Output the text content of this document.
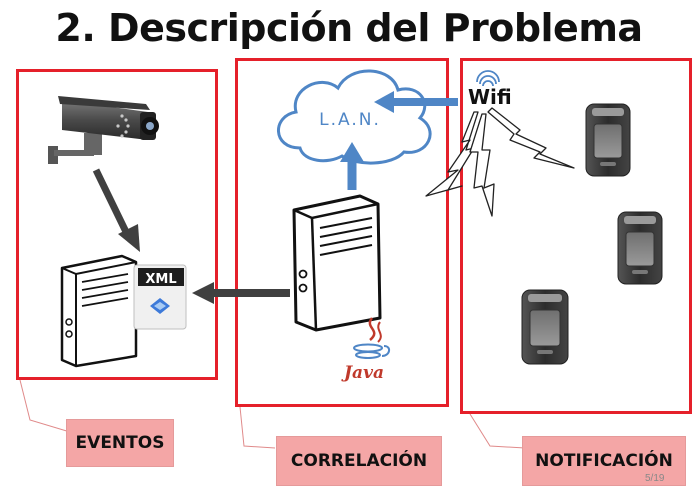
2. Descripción del Problema
XML
L.A.N.
Java
Wifi
EVENTOS
CORRELACIÓN	NOTIFICACIÓN
5/19
